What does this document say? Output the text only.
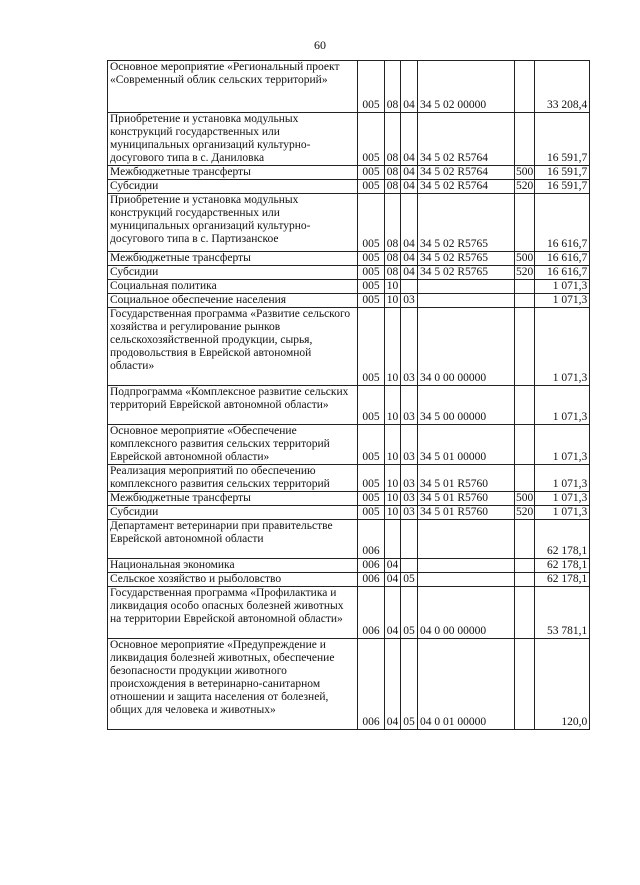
60
Основное мероприятие «Региональный проект «Современный облик сельских территорий»	005	08	04	34 5 02 00000		33 208,4
Приобретение и установка модульных конструкций государственных или муниципальных организаций культурно-досугового типа в с. Даниловка	005	08	04	34 5 02 R5764		16 591,7
Межбюджетные трансферты	005	08	04	34 5 02 R5764	500	16 591,7
Субсидии	005	08	04	34 5 02 R5764	520	16 591,7
Приобретение и установка модульных конструкций государственных или муниципальных организаций культурно-досугового типа в с. Партизанское	005	08	04	34 5 02 R5765		16 616,7
Межбюджетные трансферты	005	08	04	34 5 02 R5765	500	16 616,7
Субсидии	005	08	04	34 5 02 R5765	520	16 616,7
Социальная политика	005	10				1 071,3
Социальное обеспечение населения	005	10	03			1 071,3
Государственная программа «Развитие сельского хозяйства и регулирование рынков сельскохозяйственной продукции, сырья, продовольствия в Еврейской автономной области»	005	10	03	34 0 00 00000		1 071,3
Подпрограмма «Комплексное развитие сельских территорий Еврейской автономной области»	005	10	03	34 5 00 00000		1 071,3
Основное мероприятие «Обеспечение комплексного развития сельских территорий Еврейской автономной области»	005	10	03	34 5 01 00000		1 071,3
Реализация мероприятий по обеспечению комплексного развития сельских территорий	005	10	03	34 5 01 R5760		1 071,3
Межбюджетные трансферты	005	10	03	34 5 01 R5760	500	1 071,3
Субсидии	005	10	03	34 5 01 R5760	520	1 071,3
Департамент ветеринарии при правительстве Еврейской автономной области	006					62 178,1
Национальная экономика	006	04				62 178,1
Сельское хозяйство и рыболовство	006	04	05			62 178,1
Государственная программа «Профилактика и ликвидация особо опасных болезней животных на территории Еврейской автономной области»	006	04	05	04 0 00 00000		53 781,1
Основное мероприятие «Предупреждение и ликвидация болезней животных, обеспечение безопасности продукции животного происхождения в ветеринарно-санитарном отношении и защита населения от болезней, общих для человека и животных»	006	04	05	04 0 01 00000		120,0
